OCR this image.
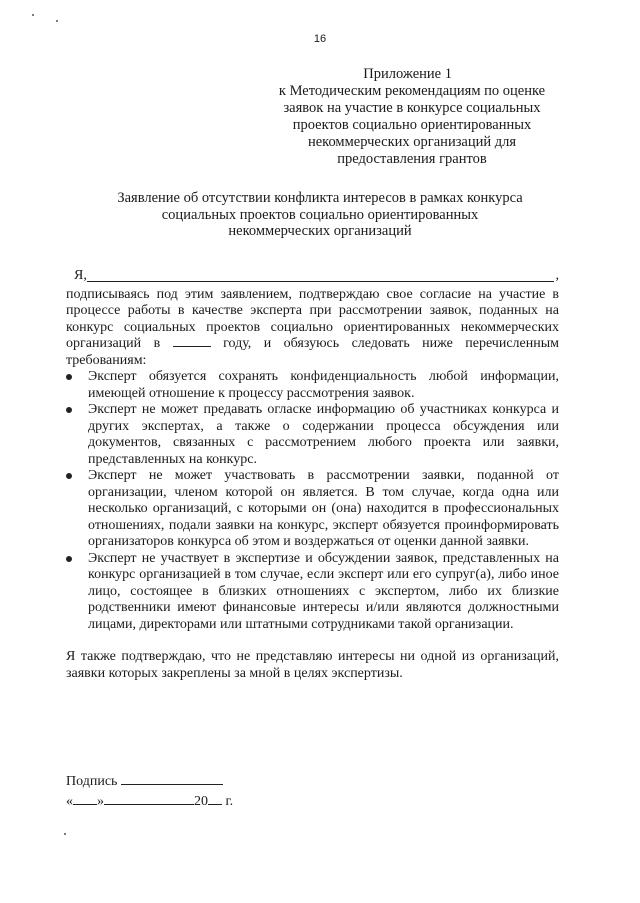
16
Приложение 1
к Методическим рекомендациям по оценке
заявок на участие в конкурсе социальных
проектов социально ориентированных
некоммерческих организаций для
предоставления грантов
Заявление об отсутствии конфликта интересов в рамках конкурса
социальных проектов социально ориентированных
некоммерческих организаций
Я,	,

подписываясь под этим заявлением, подтверждаю свое согласие на участие в процессе работы в качестве эксперта при рассмотрении заявок, поданных на конкурс социальных проектов социально ориентированных некоммерческих организаций в	году, и обязуюсь следовать ниже перечисленным требованиям:

Эксперт обязуется сохранять конфиденциальность любой информации, имеющей отношение к процессу рассмотрения заявок.
Эксперт не может предавать огласке информацию об участниках конкурса и других экспертах, а также о содержании процесса обсуждения или документов, связанных с рассмотрением любого проекта или заявки, представленных на конкурс.
Эксперт не может участвовать в рассмотрении заявки, поданной от организации, членом которой он является. В том случае, когда одна или несколько организаций, с которыми он (она) находится в профессиональных отношениях, подали заявки на конкурс, эксперт обязуется проинформировать организаторов конкурса об этом и воздержаться от оценки данной заявки.
Эксперт не участвует в экспертизе и обсуждении заявок, представленных на конкурс организацией в том случае, если эксперт или его супруг(а), либо иное лицо, состоящее в близких отношениях с экспертом, либо их близкие родственники имеют финансовые интересы и/или являются должностными лицами, директорами или штатными сотрудниками такой организации.

Я также подтверждаю, что не представляю интересы ни одной из организаций, заявки которых закреплены за мной в целях экспертизы.

Подпись
« »	20 г.
